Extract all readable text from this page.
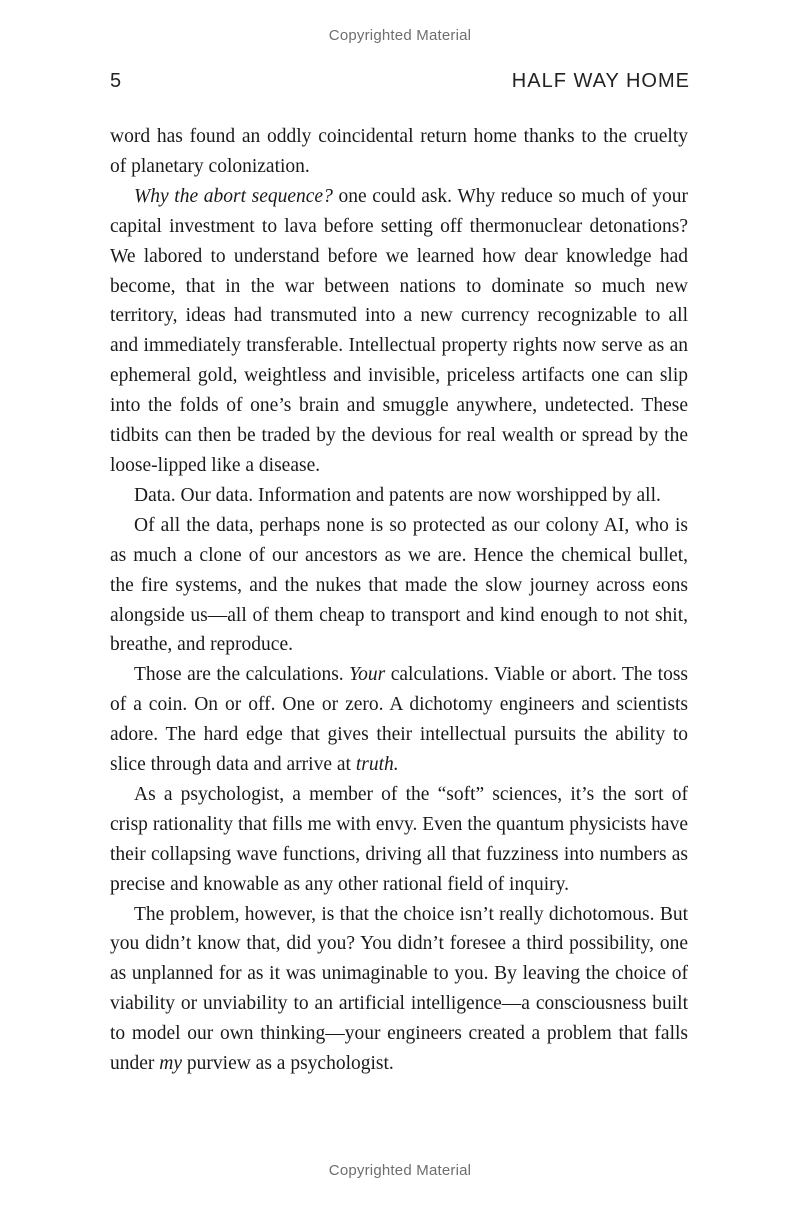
Copyrighted Material
5	HALF WAY HOME

word has found an oddly coincidental return home thanks to the cruelty of planetary colonization.

Why the abort sequence? one could ask. Why reduce so much of your capital investment to lava before setting off thermonuclear detonations? We labored to understand before we learned how dear knowledge had become, that in the war between nations to dominate so much new territory, ideas had transmuted into a new currency recognizable to all and immediately transferable. Intellectual property rights now serve as an ephemeral gold, weightless and invisible, priceless artifacts one can slip into the folds of one’s brain and smuggle anywhere, undetected. These tidbits can then be traded by the devious for real wealth or spread by the loose-lipped like a disease.

Data. Our data. Information and patents are now worshipped by all.

Of all the data, perhaps none is so protected as our colony AI, who is as much a clone of our ancestors as we are. Hence the chemical bullet, the fire systems, and the nukes that made the slow journey across eons alongside us—all of them cheap to transport and kind enough to not shit, breathe, and reproduce.

Those are the calculations. Your calculations. Viable or abort. The toss of a coin. On or off. One or zero. A dichotomy engineers and scientists adore. The hard edge that gives their intellectual pursuits the ability to slice through data and arrive at truth.

As a psychologist, a member of the “soft” sciences, it’s the sort of crisp rationality that fills me with envy. Even the quantum physicists have their collapsing wave functions, driving all that fuzziness into numbers as precise and knowable as any other rational field of inquiry.

The problem, however, is that the choice isn’t really dichotomous. But you didn’t know that, did you? You didn’t foresee a third possibility, one as unplanned for as it was unimaginable to you. By leaving the choice of viability or unviability to an artificial intelligence—a consciousness built to model our own thinking—your engineers created a problem that falls under my purview as a psychologist.

Copyrighted Material
